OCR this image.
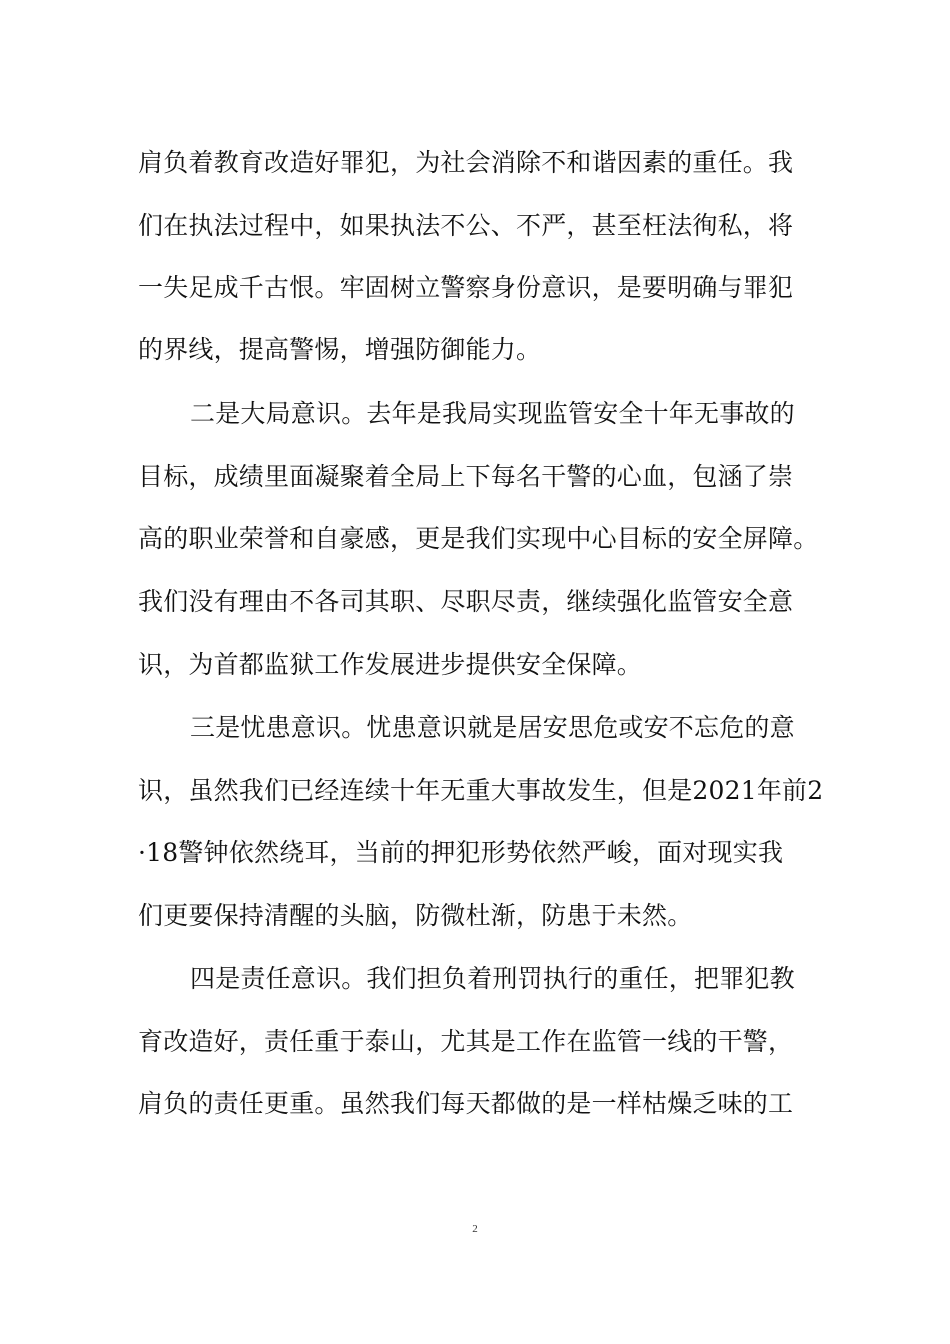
肩负着教育改造好罪犯，为社会消除不和谐因素的重任。我
们在执法过程中，如果执法不公、不严，甚至枉法徇私，将
一失足成千古恨。牢固树立警察身份意识，是要明确与罪犯
的界线，提高警惕，增强防御能力。
二是大局意识。去年是我局实现监管安全十年无事故的
目标，成绩里面凝聚着全局上下每名干警的心血，包涵了崇
高的职业荣誉和自豪感，更是我们实现中心目标的安全屏障。
我们没有理由不各司其职、尽职尽责，继续强化监管安全意
识，为首都监狱工作发展进步提供安全保障。
三是忧患意识。忧患意识就是居安思危或安不忘危的意
识，虽然我们已经连续十年无重大事故发生，但是2021年前2
·18警钟依然绕耳，当前的押犯形势依然严峻，面对现实我
们更要保持清醒的头脑，防微杜渐，防患于未然。
四是责任意识。我们担负着刑罚执行的重任，把罪犯教
育改造好，责任重于泰山，尤其是工作在监管一线的干警，
肩负的责任更重。虽然我们每天都做的是一样枯燥乏味的工
2
